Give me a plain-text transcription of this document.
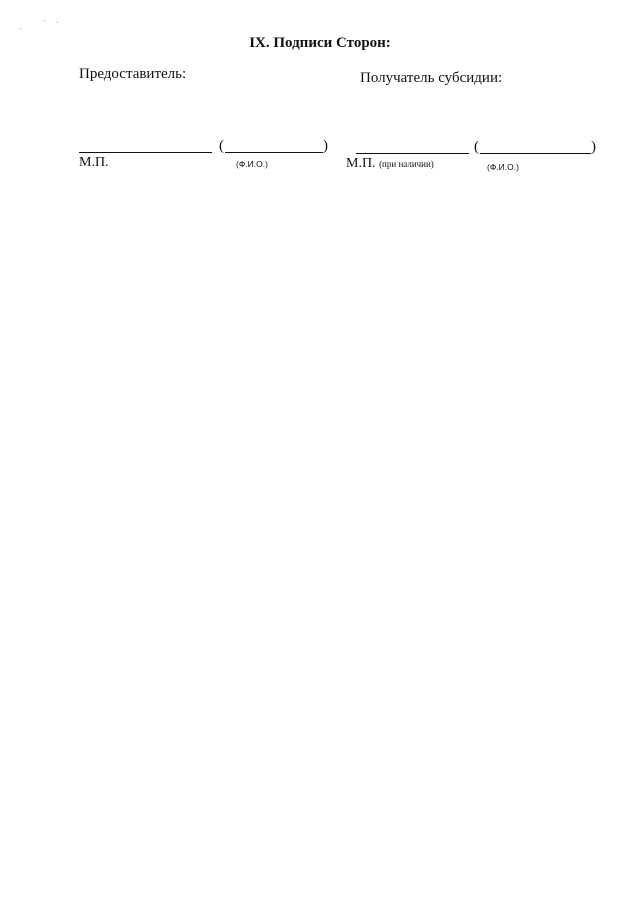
IX. Подписи Сторон:
Предоставитель:
(	)
М.П.	(Ф.И.О.)
Получатель субсидии:
(	)
М.П. (при наличии)	(Ф.И.О.)
